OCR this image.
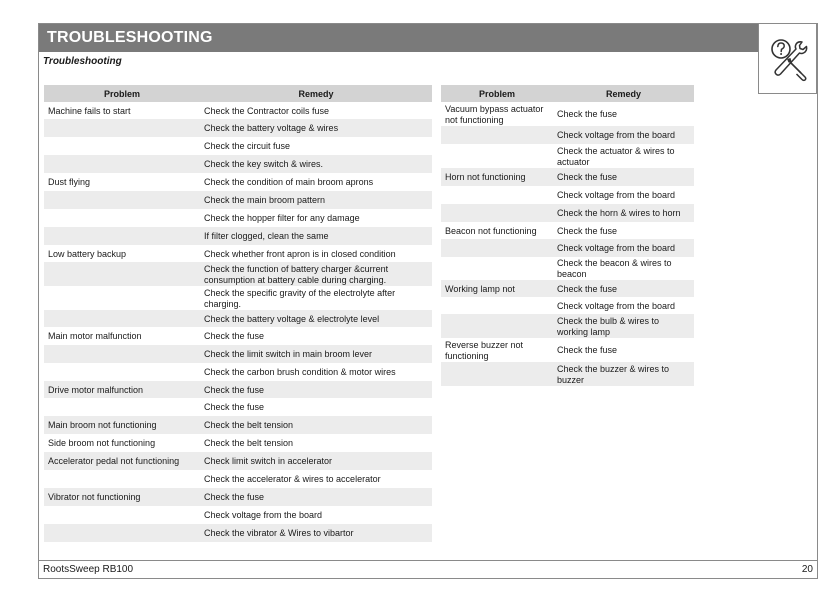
TROUBLESHOOTING
Troubleshooting
Problem	Remedy
Machine fails to start	Check the Contractor coils fuse
	Check the battery voltage & wires
	Check the circuit fuse
	Check the key switch & wires.
Dust flying	Check the condition of main broom aprons
	Check the main broom pattern
	Check the hopper filter for any damage
	If filter clogged, clean the same
Low battery backup	Check whether front apron is in closed condition
	Check the function of battery charger &current consumption at battery cable during charging.
	Check the specific gravity of the electrolyte after charging.
	Check the battery voltage & electrolyte level
Main motor malfunction	Check the fuse
	Check the limit switch in main broom lever
	Check the carbon brush condition & motor wires
Drive motor malfunction	Check the fuse
	Check the fuse
Main broom not functioning	Check the belt tension
Side broom not functioning	Check the belt tension
Accelerator pedal not functioning	Check limit switch in accelerator
	Check the accelerator & wires to accelerator
Vibrator not functioning	Check the fuse
	Check voltage from the board
	Check the vibrator & Wires to vibartor
Problem	Remedy
Vacuum bypass actuator not functioning	Check the fuse
	Check voltage from the board
	Check the actuator & wires to actuator
Horn not functioning	Check the fuse
	Check voltage from the board
	Check the horn & wires to horn
Beacon not functioning	Check the fuse
	Check voltage from the board
	Check the beacon & wires to beacon
Working lamp not	Check the fuse
	Check voltage from the board
	Check the bulb & wires to working lamp
Reverse buzzer not functioning	Check the fuse
	Check the buzzer & wires to buzzer
RootsSweep RB100	20
